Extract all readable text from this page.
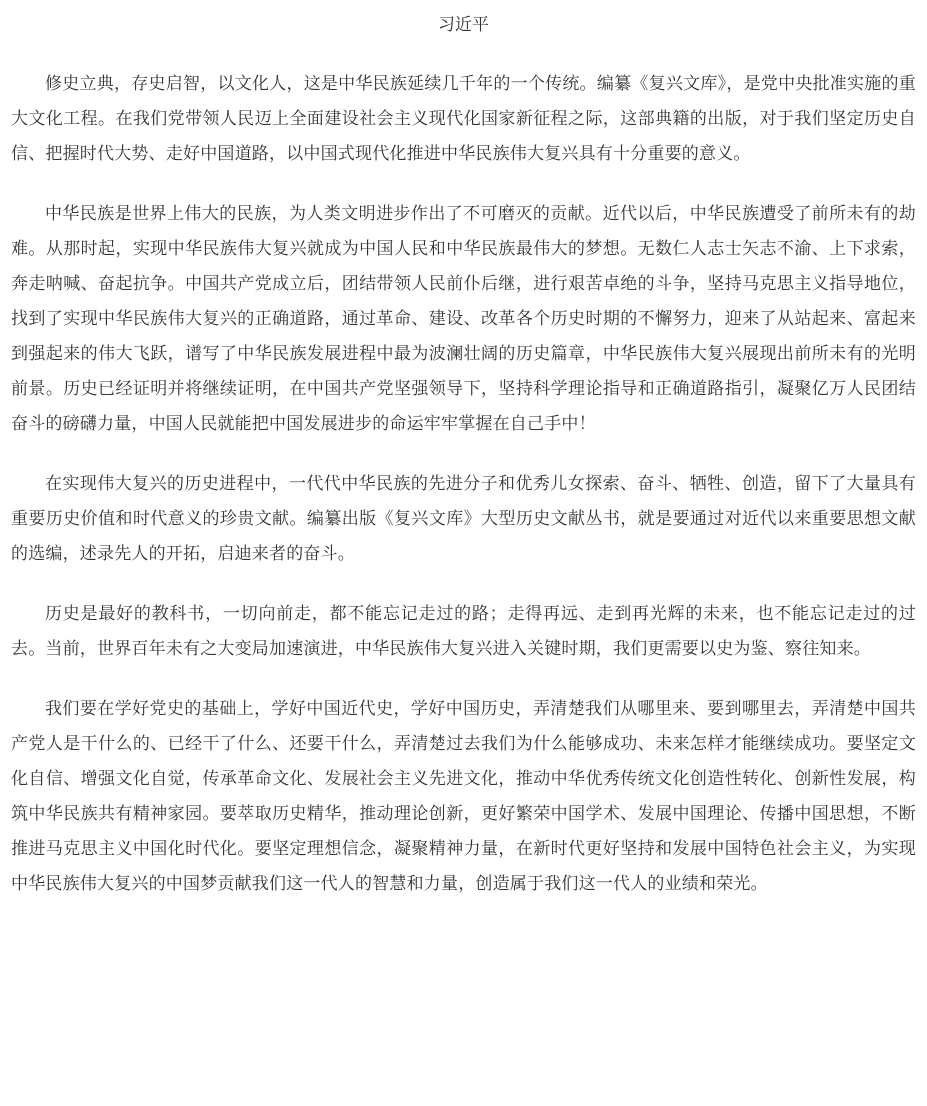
习近平

修史立典，存史启智，以文化人，这是中华民族延续几千年的一个传统。编纂《复兴文库》，是党中央批准实施的重大文化工程。在我们党带领人民迈上全面建设社会主义现代化国家新征程之际，这部典籍的出版，对于我们坚定历史自信、把握时代大势、走好中国道路，以中国式现代化推进中华民族伟大复兴具有十分重要的意义。

中华民族是世界上伟大的民族，为人类文明进步作出了不可磨灭的贡献。近代以后，中华民族遭受了前所未有的劫难。从那时起，实现中华民族伟大复兴就成为中国人民和中华民族最伟大的梦想。无数仁人志士矢志不渝、上下求索，奔走呐喊、奋起抗争。中国共产党成立后，团结带领人民前仆后继，进行艰苦卓绝的斗争，坚持马克思主义指导地位，找到了实现中华民族伟大复兴的正确道路，通过革命、建设、改革各个历史时期的不懈努力，迎来了从站起来、富起来到强起来的伟大飞跃，谱写了中华民族发展进程中最为波澜壮阔的历史篇章，中华民族伟大复兴展现出前所未有的光明前景。历史已经证明并将继续证明，在中国共产党坚强领导下，坚持科学理论指导和正确道路指引，凝聚亿万人民团结奋斗的磅礴力量，中国人民就能把中国发展进步的命运牢牢掌握在自己手中！

在实现伟大复兴的历史进程中，一代代中华民族的先进分子和优秀儿女探索、奋斗、牺牲、创造，留下了大量具有重要历史价值和时代意义的珍贵文献。编纂出版《复兴文库》大型历史文献丛书，就是要通过对近代以来重要思想文献的选编，述录先人的开拓，启迪来者的奋斗。

历史是最好的教科书，一切向前走，都不能忘记走过的路；走得再远、走到再光辉的未来，也不能忘记走过的过去。当前，世界百年未有之大变局加速演进，中华民族伟大复兴进入关键时期，我们更需要以史为鉴、察往知来。

我们要在学好党史的基础上，学好中国近代史，学好中国历史，弄清楚我们从哪里来、要到哪里去，弄清楚中国共产党人是干什么的、已经干了什么、还要干什么，弄清楚过去我们为什么能够成功、未来怎样才能继续成功。要坚定文化自信、增强文化自觉，传承革命文化、发展社会主义先进文化，推动中华优秀传统文化创造性转化、创新性发展，构筑中华民族共有精神家园。要萃取历史精华，推动理论创新，更好繁荣中国学术、发展中国理论、传播中国思想，不断推进马克思主义中国化时代化。要坚定理想信念，凝聚精神力量，在新时代更好坚持和发展中国特色社会主义，为实现中华民族伟大复兴的中国梦贡献我们这一代人的智慧和力量，创造属于我们这一代人的业绩和荣光。
